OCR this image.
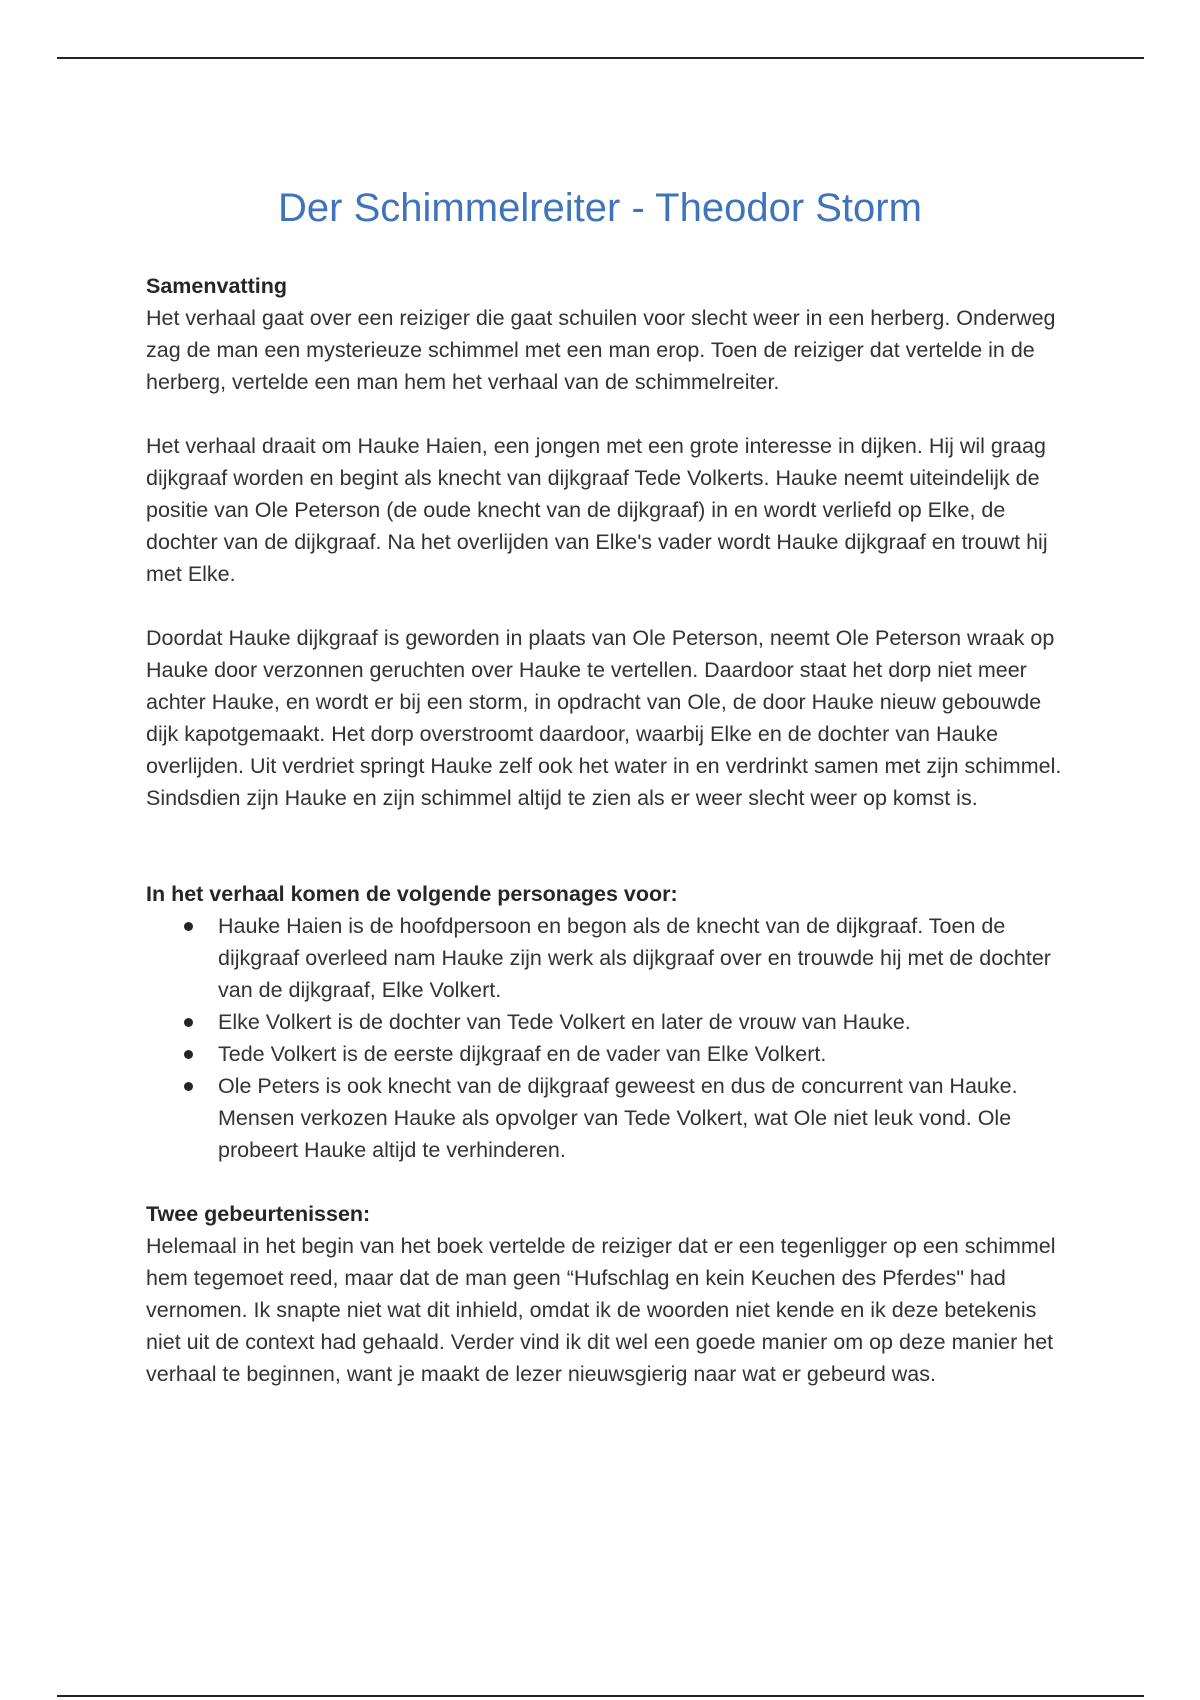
Der Schimmelreiter - Theodor Storm

Samenvatting

Het verhaal gaat over een reiziger die gaat schuilen voor slecht weer in een herberg. Onderweg zag de man een mysterieuze schimmel met een man erop. Toen de reiziger dat vertelde in de herberg, vertelde een man hem het verhaal van de schimmelreiter.

Het verhaal draait om Hauke Haien, een jongen met een grote interesse in dijken. Hij wil graag dijkgraaf worden en begint als knecht van dijkgraaf Tede Volkerts. Hauke neemt uiteindelijk de positie van Ole Peterson (de oude knecht van de dijkgraaf) in en wordt verliefd op Elke, de dochter van de dijkgraaf. Na het overlijden van Elke's vader wordt Hauke dijkgraaf en trouwt hij met Elke.

Doordat Hauke dijkgraaf is geworden in plaats van Ole Peterson, neemt Ole Peterson wraak op Hauke door verzonnen geruchten over Hauke te vertellen. Daardoor staat het dorp niet meer achter Hauke, en wordt er bij een storm, in opdracht van Ole, de door Hauke nieuw gebouwde dijk kapotgemaakt. Het dorp overstroomt daardoor, waarbij Elke en de dochter van Hauke overlijden. Uit verdriet springt Hauke zelf ook het water in en verdrinkt samen met zijn schimmel. Sindsdien zijn Hauke en zijn schimmel altijd te zien als er weer slecht weer op komst is.

In het verhaal komen de volgende personages voor:

Hauke Haien is de hoofdpersoon en begon als de knecht van de dijkgraaf. Toen de dijkgraaf overleed nam Hauke zijn werk als dijkgraaf over en trouwde hij met de dochter van de dijkgraaf, Elke Volkert.
Elke Volkert is de dochter van Tede Volkert en later de vrouw van Hauke.
Tede Volkert is de eerste dijkgraaf en de vader van Elke Volkert.
Ole Peters is ook knecht van de dijkgraaf geweest en dus de concurrent van Hauke. Mensen verkozen Hauke als opvolger van Tede Volkert, wat Ole niet leuk vond. Ole probeert Hauke altijd te verhinderen.

Twee gebeurtenissen:

Helemaal in het begin van het boek vertelde de reiziger dat er een tegenligger op een schimmel hem tegemoet reed, maar dat de man geen “Hufschlag en kein Keuchen des Pferdes" had vernomen. Ik snapte niet wat dit inhield, omdat ik de woorden niet kende en ik deze betekenis niet uit de context had gehaald. Verder vind ik dit wel een goede manier om op deze manier het verhaal te beginnen, want je maakt de lezer nieuwsgierig naar wat er gebeurd was.
